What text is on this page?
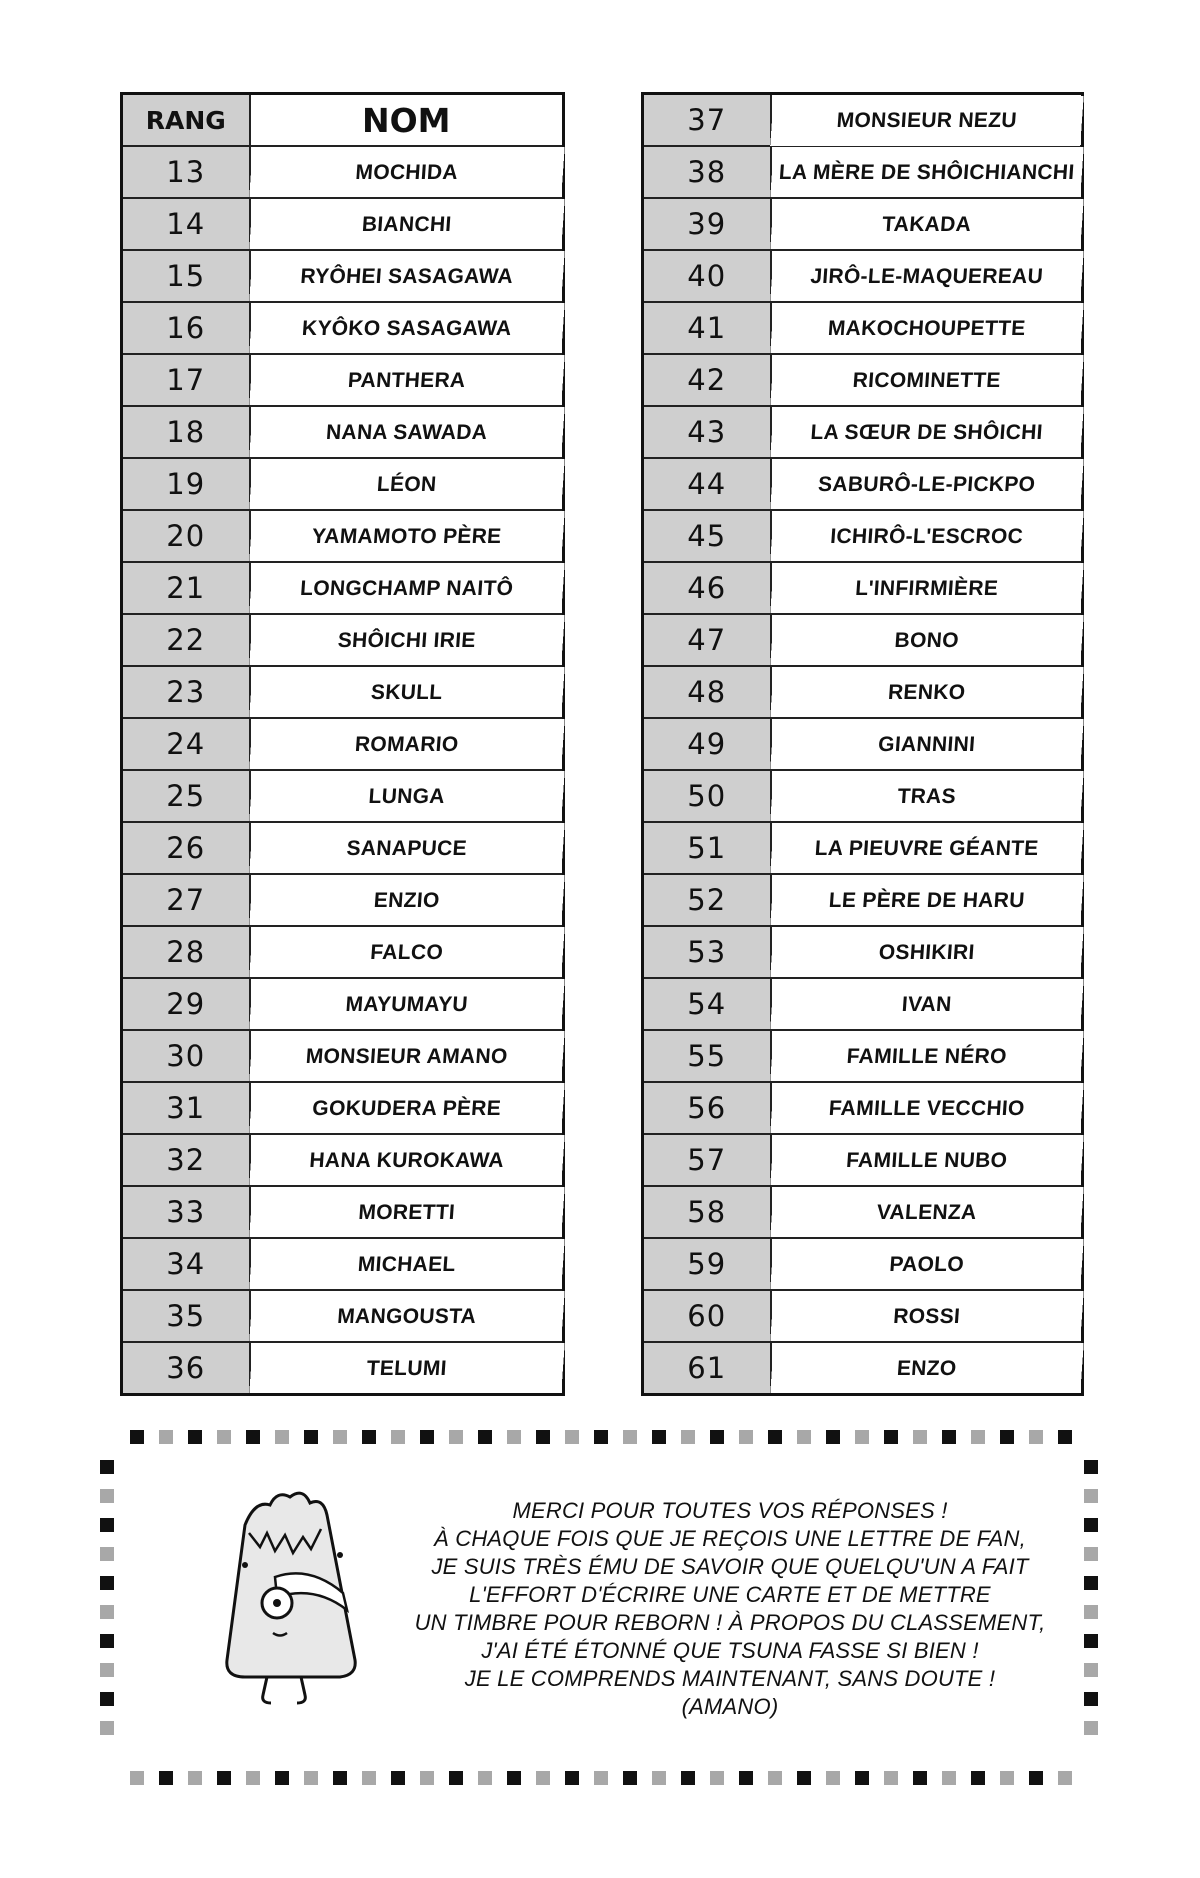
RANG	NOM
13	MOCHIDA
14	BIANCHI
15	RYÔHEI SASAGAWA
16	KYÔKO SASAGAWA
17	PANTHERA
18	NANA SAWADA
19	LÉON
20	YAMAMOTO PÈRE
21	LONGCHAMP NAITÔ
22	SHÔICHI IRIE
23	SKULL
24	ROMARIO
25	LUNGA
26	SANAPUCE
27	ENZIO
28	FALCO
29	MAYUMAYU
30	MONSIEUR AMANO
31	GOKUDERA PÈRE
32	HANA KUROKAWA
33	MORETTI
34	MICHAEL
35	MANGOUSTA
36	TELUMI
37	MONSIEUR NEZU
38	LA MÈRE DE SHÔICHIANCHI
39	TAKADA
40	JIRÔ-LE-MAQUEREAU
41	MAKOCHOUPETTE
42	RICOMINETTE
43	LA SŒUR DE SHÔICHI
44	SABURÔ-LE-PICKPO
45	ICHIRÔ-L'ESCROC
46	L'INFIRMIÈRE
47	BONO
48	RENKO
49	GIANNINI
50	TRAS
51	LA PIEUVRE GÉANTE
52	LE PÈRE DE HARU
53	OSHIKIRI
54	IVAN
55	FAMILLE NÉRO
56	FAMILLE VECCHIO
57	FAMILLE NUBO
58	VALENZA
59	PAOLO
60	ROSSI
61	ENZO
MERCI POUR TOUTES VOS RÉPONSES !
À CHAQUE FOIS QUE JE REÇOIS UNE LETTRE DE FAN,
JE SUIS TRÈS ÉMU DE SAVOIR QUE QUELQU'UN A FAIT
L'EFFORT D'ÉCRIRE UNE CARTE ET DE METTRE
UN TIMBRE POUR REBORN ! À PROPOS DU CLASSEMENT,
J'AI ÉTÉ ÉTONNÉ QUE TSUNA FASSE SI BIEN !
JE LE COMPRENDS MAINTENANT, SANS DOUTE !
(AMANO)
